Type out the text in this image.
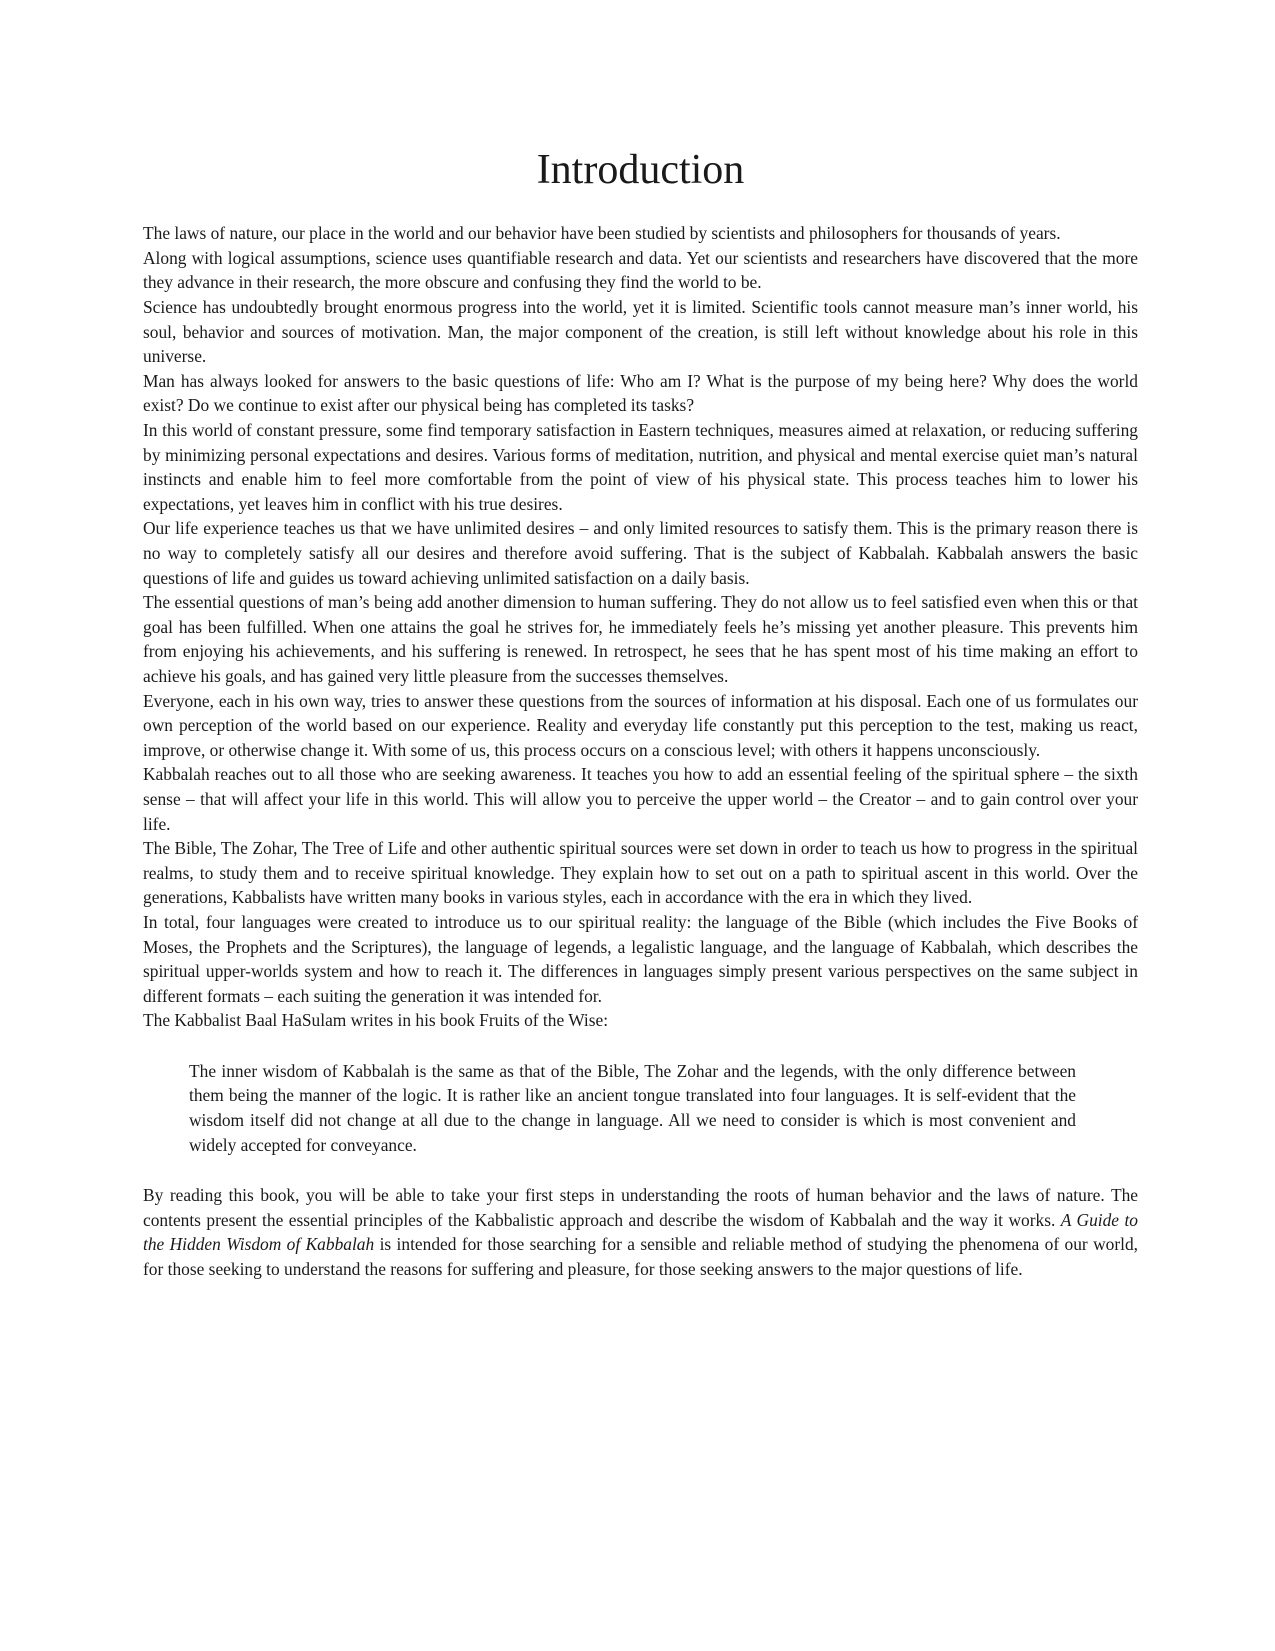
Introduction

The laws of nature, our place in the world and our behavior have been studied by scientists and philosophers for thousands of years.

Along with logical assumptions, science uses quantifiable research and data. Yet our scientists and researchers have discovered that the more they advance in their research, the more obscure and confusing they find the world to be.

Science has undoubtedly brought enormous progress into the world, yet it is limited. Scientific tools cannot measure man’s inner world, his soul, behavior and sources of motivation. Man, the major component of the creation, is still left without knowledge about his role in this universe.

Man has always looked for answers to the basic questions of life: Who am I? What is the purpose of my being here? Why does the world exist? Do we continue to exist after our physical being has completed its tasks?

In this world of constant pressure, some find temporary satisfaction in Eastern techniques, measures aimed at relaxation, or reducing suffering by minimizing personal expectations and desires. Various forms of meditation, nutrition, and physical and mental exercise quiet man’s natural instincts and enable him to feel more comfortable from the point of view of his physical state. This process teaches him to lower his expectations, yet leaves him in conflict with his true desires.

Our life experience teaches us that we have unlimited desires – and only limited resources to satisfy them. This is the primary reason there is no way to completely satisfy all our desires and therefore avoid suffering. That is the subject of Kabbalah. Kabbalah answers the basic questions of life and guides us toward achieving unlimited satisfaction on a daily basis.

The essential questions of man’s being add another dimension to human suffering. They do not allow us to feel satisfied even when this or that goal has been fulfilled. When one attains the goal he strives for, he immediately feels he’s missing yet another pleasure. This prevents him from enjoying his achievements, and his suffering is renewed. In retrospect, he sees that he has spent most of his time making an effort to achieve his goals, and has gained very little pleasure from the successes themselves.

Everyone, each in his own way, tries to answer these questions from the sources of information at his disposal. Each one of us formulates our own perception of the world based on our experience. Reality and everyday life constantly put this perception to the test, making us react, improve, or otherwise change it. With some of us, this process occurs on a conscious level; with others it happens unconsciously.

Kabbalah reaches out to all those who are seeking awareness. It teaches you how to add an essential feeling of the spiritual sphere – the sixth sense – that will affect your life in this world. This will allow you to perceive the upper world – the Creator – and to gain control over your life.

The Bible, The Zohar, The Tree of Life and other authentic spiritual sources were set down in order to teach us how to progress in the spiritual realms, to study them and to receive spiritual knowledge. They explain how to set out on a path to spiritual ascent in this world. Over the generations, Kabbalists have written many books in various styles, each in accordance with the era in which they lived.

In total, four languages were created to introduce us to our spiritual reality: the language of the Bible (which includes the Five Books of Moses, the Prophets and the Scriptures), the language of legends, a legalistic language, and the language of Kabbalah, which describes the spiritual upper-worlds system and how to reach it. The differences in languages simply present various perspectives on the same subject in different formats – each suiting the generation it was intended for.

The Kabbalist Baal HaSulam writes in his book Fruits of the Wise:

The inner wisdom of Kabbalah is the same as that of the Bible, The Zohar and the legends, with the only difference between them being the manner of the logic. It is rather like an ancient tongue translated into four languages. It is self-evident that the wisdom itself did not change at all due to the change in language. All we need to consider is which is most convenient and widely accepted for conveyance.

By reading this book, you will be able to take your first steps in understanding the roots of human behavior and the laws of nature. The contents present the essential principles of the Kabbalistic approach and describe the wisdom of Kabbalah and the way it works. A Guide to the Hidden Wisdom of Kabbalah is intended for those searching for a sensible and reliable method of studying the phenomena of our world, for those seeking to understand the reasons for suffering and pleasure, for those seeking answers to the major questions of life.
